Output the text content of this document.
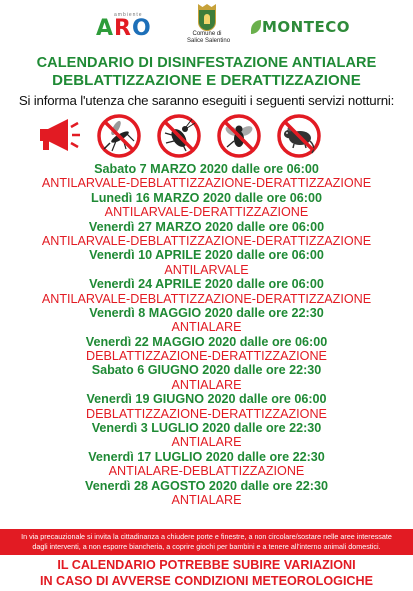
ambiente
ARO	Comune di
Salice Salentino
MONTECO
CALENDARIO DI DISINFESTAZIONE ANTIALARE
DEBLATTIZZAZIONE E DERATTIZZAZIONE
Si informa l'utenza che saranno eseguiti i seguenti servizi notturni:
Sabato 7 MARZO 2020 dalle ore 06:00
ANTILARVALE-DEBLATTIZZAZIONE-DERATTIZZAZIONE
Lunedì 16 MARZO 2020 dalle ore 06:00
ANTILARVALE-DERATTIZZAZIONE
Venerdì 27 MARZO 2020 dalle ore 06:00
ANTILARVALE-DEBLATTIZZAZIONE-DERATTIZZAZIONE
Venerdì 10 APRILE 2020 dalle ore 06:00
ANTILARVALE
Venerdì 24 APRILE 2020 dalle ore 06:00
ANTILARVALE-DEBLATTIZZAZIONE-DERATTIZZAZIONE
Venerdì 8 MAGGIO 2020 dalle ore 22:30
ANTIALARE
Venerdì 22 MAGGIO 2020 dalle ore 06:00
DEBLATTIZZAZIONE-DERATTIZZAZIONE
Sabato 6 GIUGNO 2020 dalle ore 22:30
ANTIALARE
Venerdì 19 GIUGNO 2020 dalle ore 06:00
DEBLATTIZZAZIONE-DERATTIZZAZIONE
Venerdì 3 LUGLIO 2020 dalle ore 22:30
ANTIALARE
Venerdì 17 LUGLIO 2020 dalle ore 22:30
ANTIALARE-DEBLATTIZZAZIONE
Venerdì 28 AGOSTO 2020 dalle ore 22:30
ANTIALARE
In via precauzionale si invita la cittadinanza a chiudere porte e finestre, a non circolare/sostare nelle aree interessate
dagli interventi, a non esporre biancheria, a coprire giochi per bambini e a tenere all'interno animali domestici.
IL CALENDARIO POTREBBE SUBIRE VARIAZIONI
IN CASO DI AVVERSE CONDIZIONI METEOROLOGICHE
